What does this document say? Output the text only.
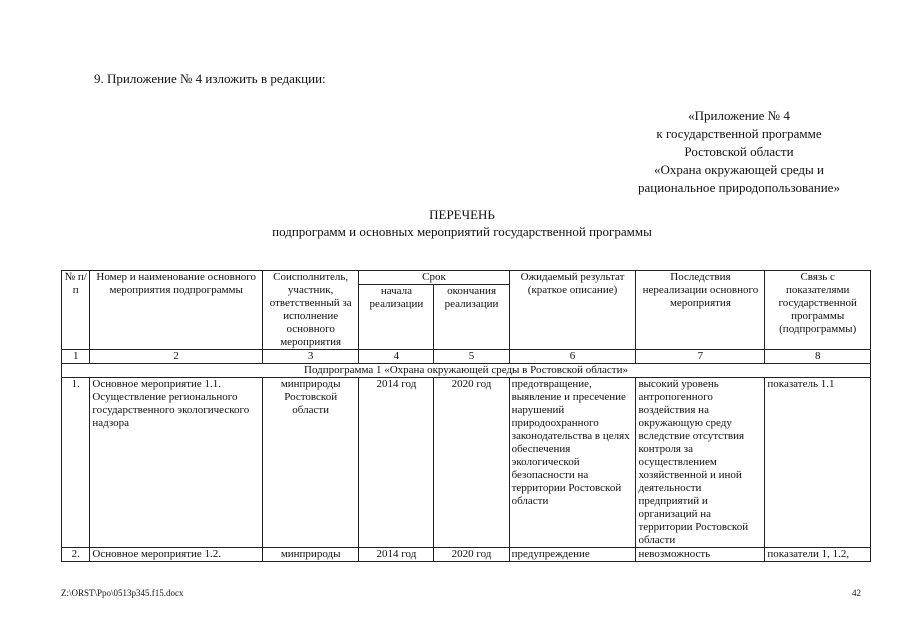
9. Приложение № 4 изложить в редакции:
«Приложение № 4
к государственной программе
Ростовской области
«Охрана окружающей среды и
рациональное природопользование»
ПЕРЕЧЕНЬ
подпрограмм и основных мероприятий государственной программы
№ п/п	Номер и наименование основного мероприятия подпрограммы	Соисполнитель, участник, ответственный за исполнение основного мероприятия	Срок		Ожидаемый результат (краткое описание)	Последствия нереализации основного мероприятия	Связь с показателями государственной программы (подпрограммы)
			начала реализации	окончания реализации			
1	2	3	4	5	6	7	8
Подпрограмма 1 «Охрана окружающей среды в Ростовской области»							
1.	Основное мероприятие 1.1. Осуществление регионального государственного экологического надзора	минприроды Ростовской области	2014 год	2020 год	предотвращение, выявление и пресечение нарушений природоохранного законодательства в целях обеспечения экологической безопасности на территории Ростовской области	высокий уровень антропогенного воздействия на окружающую среду вследствие отсутствия контроля за осуществлением хозяйственной и иной деятельности предприятий и организаций на территории Ростовской области	показатель 1.1
2.	Основное мероприятие 1.2.	минприроды	2014 год	2020 год	предупреждение	невозможность	показатели 1, 1.2,
Z:\ORST\Ppo\0513p345.f15.docx	42
